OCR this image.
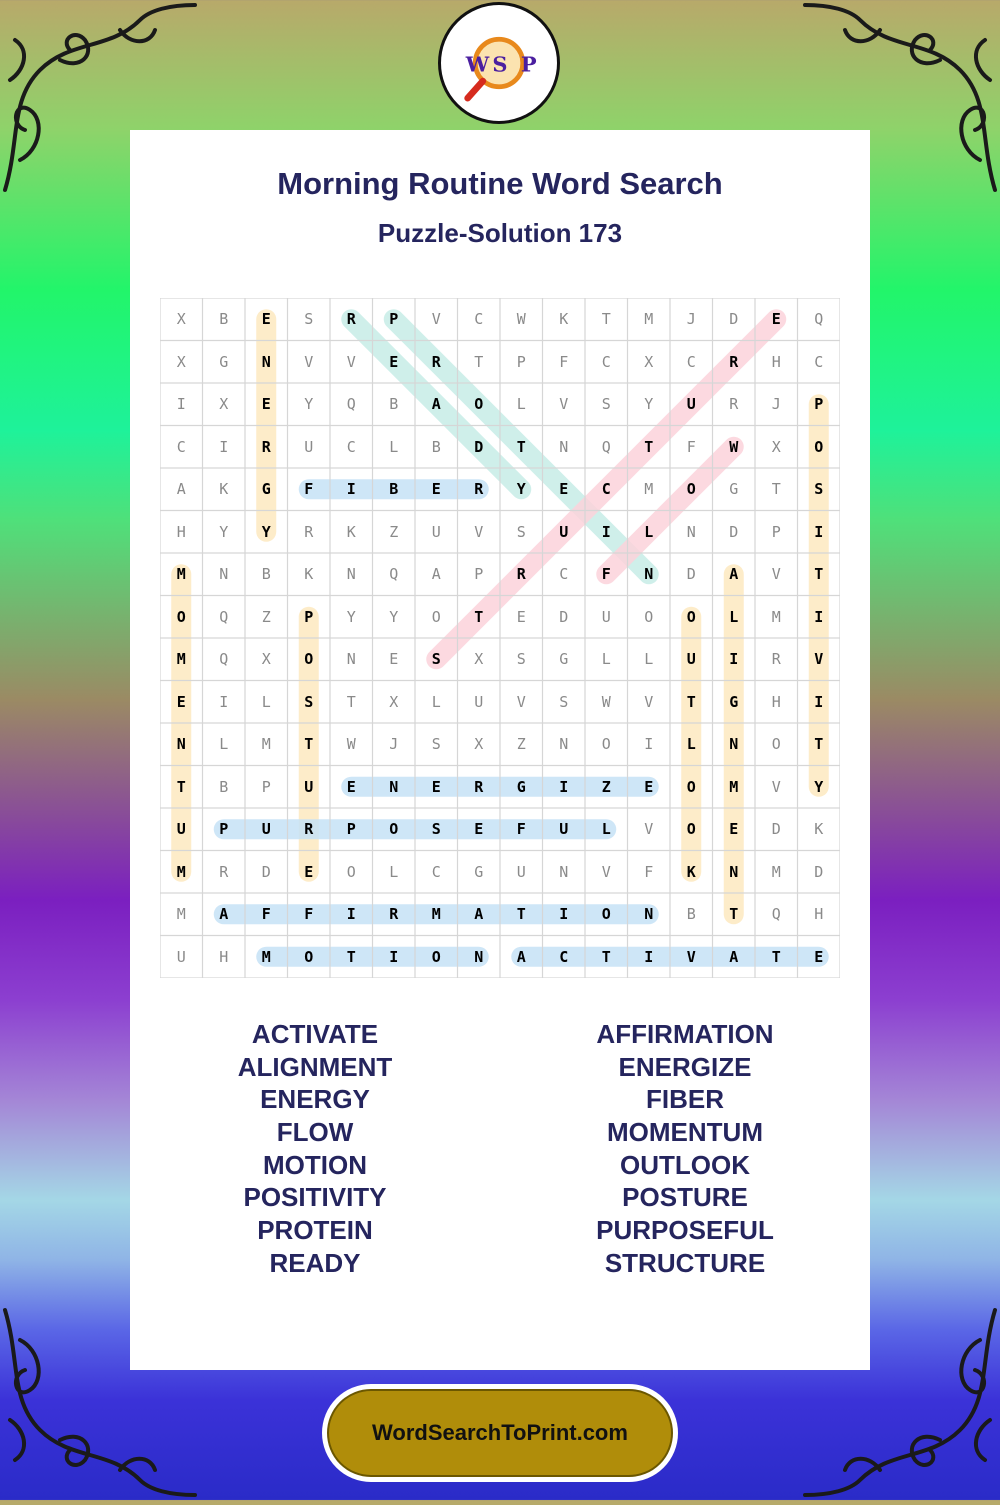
W S P
Morning Routine Word Search
Puzzle-Solution 173
X	B	E	S	R	P	V	C	W	K	T	M	J	D	E	Q
X	G	N	V	V	E	R	T	P	F	C	X	C	R	H	C
I	X	E	Y	Q	B	A	O	L	V	S	Y	U	R	J	P
C	I	R	U	C	L	B	D	T	N	Q	T	F	W	X	O
A	K	G	F	I	B	E	R	Y	E	C	M	O	G	T	S
H	Y	Y	R	K	Z	U	V	S	U	I	L	N	D	P	I
M	N	B	K	N	Q	A	P	R	C	F	N	D	A	V	T
O	Q	Z	P	Y	Y	O	T	E	D	U	O	O	L	M	I
M	Q	X	O	N	E	S	X	S	G	L	L	U	I	R	V
E	I	L	S	T	X	L	U	V	S	W	V	T	G	H	I
N	L	M	T	W	J	S	X	Z	N	O	I	L	N	O	T
T	B	P	U	E	N	E	R	G	I	Z	E	O	M	V	Y
U	P	U	R	P	O	S	E	F	U	L	V	O	E	D	K
M	R	D	E	O	L	C	G	U	N	V	F	K	N	M	D
M	A	F	F	I	R	M	A	T	I	O	N	B	T	Q	H
U	H	M	O	T	I	O	N	A	C	T	I	V	A	T	E
ACTIVATE
ALIGNMENT
ENERGY
FLOW
MOTION
POSITIVITY
PROTEIN
READY
AFFIRMATION
ENERGIZE
FIBER
MOMENTUM
OUTLOOK
POSTURE
PURPOSEFUL
STRUCTURE
WordSearchToPrint.com
